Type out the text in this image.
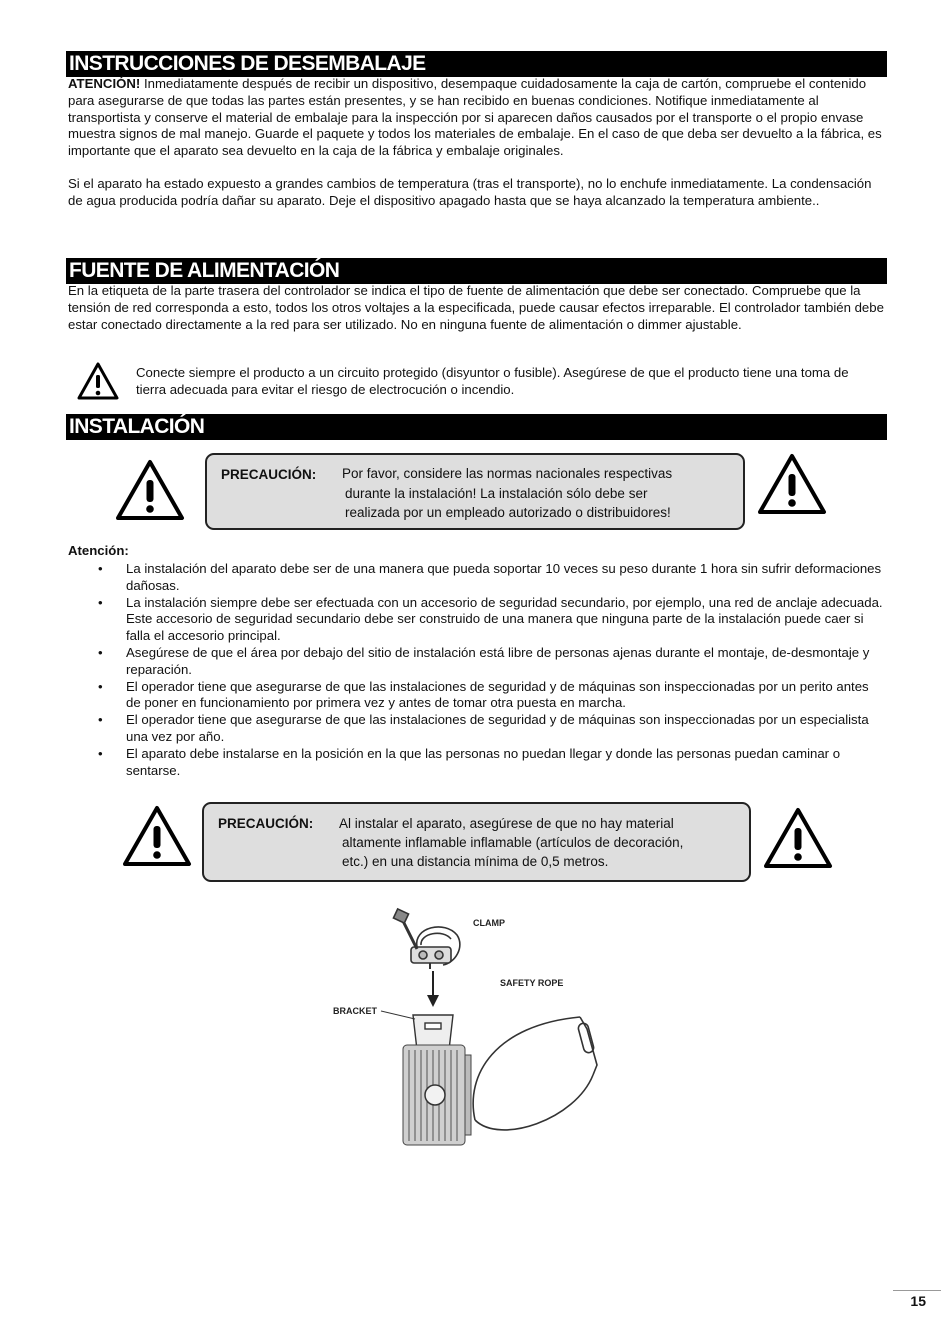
INSTRUCCIONES DE DESEMBALAJE

ATENCIÓN! Inmediatamente después de recibir un dispositivo, desempaque cuidadosamente la caja de cartón, compruebe el contenido para asegurarse de que todas las partes están presentes, y se han recibido en buenas condiciones. Notifique inmediatamente al transportista y conserve el material de embalaje para la inspección por si aparecen daños causados por el transporte o el propio envase muestra signos de mal manejo. Guarde el paquete y todos los materiales de embalaje. En el caso de que deba ser devuelto a la fábrica, es importante que el aparato sea devuelto en la caja de la fábrica y embalaje originales.

Si el aparato ha estado expuesto a grandes cambios de temperatura (tras el transporte), no lo enchufe inmediatamente. La condensación de agua producida podría dañar su aparato. Deje el dispositivo apagado hasta que se haya alcanzado la temperatura ambiente..

FUENTE DE ALIMENTACIÓN

En la etiqueta de la parte trasera del controlador se indica el tipo de fuente de alimentación que debe ser conectado. Compruebe que la tensión de red corresponda a esto, todos los otros voltajes a la especificada, puede causar efectos irreparable. El controlador también debe estar conectado directamente a la red para ser utilizado. No en ninguna fuente de alimentación o dimmer ajustable.

Conecte siempre el producto a un circuito protegido (disyuntor o fusible). Asegúrese de que el producto tiene una toma de tierra adecuada para evitar el riesgo de electrocución o incendio.

INSTALACIÓN
PRECAUCIÓN: Por favor, considere las normas nacionales respectivas

durante la instalación! La instalación sólo debe ser

realizada por un empleado autorizado o distribuidores!

Atención:

• La instalación del aparato debe ser de una manera que pueda soportar 10 veces su peso durante 1 hora sin sufrir deformaciones dañosas.
• La instalación siempre debe ser efectuada con un accesorio de seguridad secundario, por ejemplo, una red de anclaje adecuada. Este accesorio de seguridad secundario debe ser construido de una manera que ninguna parte de la instalación puede caer si falla el accesorio principal.
• Asegúrese de que el área por debajo del sitio de instalación está libre de personas ajenas durante el montaje, de-desmontaje y reparación.
• El operador tiene que asegurarse de que las instalaciones de seguridad y de máquinas son inspeccionadas por un perito antes de poner en funcionamiento por primera vez y antes de tomar otra puesta en marcha.
• El operador tiene que asegurarse de que las instalaciones de seguridad y de máquinas son inspeccionadas por un especialista una vez por año.
• El aparato debe instalarse en la posición en la que las personas no puedan llegar y donde las personas puedan caminar o sentarse.
PRECAUCIÓN: Al instalar el aparato, asegúrese de que no hay material

altamente inflamable inflamable (artículos de decoración,

etc.) en una distancia mínima de 0,5 metros.

CLAMP
SAFETY ROPE
BRACKET
15
